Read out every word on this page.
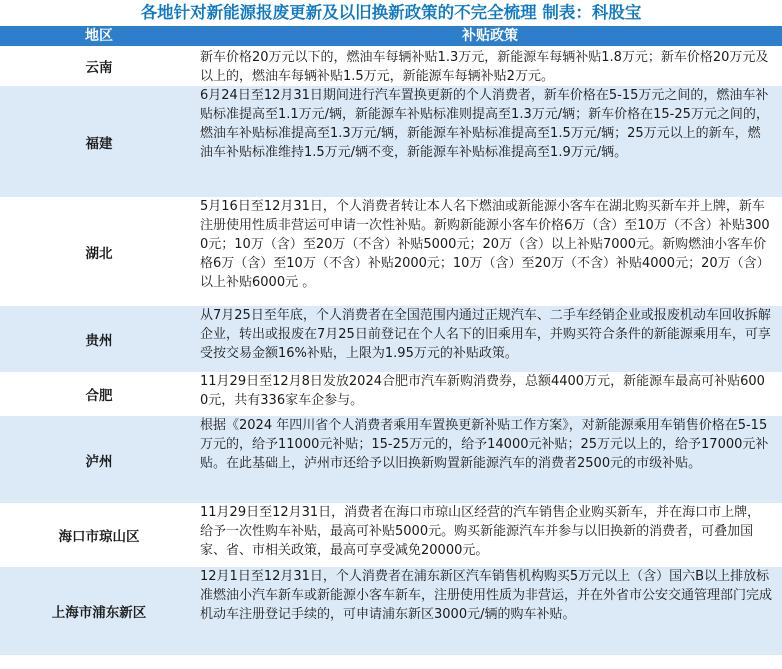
各地针对新能源报废更新及以旧换新政策的不完全梳理 制表：科股宝
地区	补贴政策
云南
新车价格20万元以下的，燃油车每辆补贴1.3万元，新能源车每辆补贴1.8万元；新车价格20万元及以上的，燃油车每辆补贴1.5万元，新能源车每辆补贴2万元。
福建
6月24日至12月31日期间进行汽车置换更新的个人消费者，新车价格在5-15万元之间的，燃油车补贴标准提高至1.1万元/辆，新能源车补贴标准则提高至1.3万元/辆；新车价格在15-25万元之间的，燃油车补贴标准提高至1.3万元/辆，新能源车补贴标准提高至1.5万元/辆；25万元以上的新车，燃油车补贴标准维持1.5万元/辆不变，新能源车补贴标准提高至1.9万元/辆。
湖北
5月16日至12月31日，个人消费者转让本人名下燃油或新能源小客车在湖北购买新车并上牌，新车注册使用性质非营运可申请一次性补贴。新购新能源小客车价格6万（含）至10万（不含）补贴3000元；10万（含）至20万（不含）补贴5000元；20万（含）以上补贴7000元。新购燃油小客车价格6万（含）至10万（不含）补贴2000元；10万（含）至20万（不含）补贴4000元；20万（含）以上补贴6000元 。
贵州
从7月25日至年底，个人消费者在全国范围内通过正规汽车、二手车经销企业或报废机动车回收拆解企业，转出或报废在7月25日前登记在个人名下的旧乘用车，并购买符合条件的新能源乘用车，可享受按交易金额16%补贴，上限为1.95万元的补贴政策。
合肥
11月29日至12月8日发放2024合肥市汽车新购消费券，总额4400万元，新能源车最高可补贴6000元，共有336家车企参与。
泸州
根据《2024 年四川省个人消费者乘用车置换更新补贴工作方案》，对新能源乘用车销售价格在5-15万元的，给予11000元补贴；15-25万元的，给予14000元补贴；25万元以上的，给予17000元补贴。在此基础上，泸州市还给予以旧换新购置新能源汽车的消费者2500元的市级补贴。
海口市琼山区
11月29日至12月31日，消费者在海口市琼山区经营的汽车销售企业购买新车，并在海口市上牌，给予一次性购车补贴，最高可补贴5000元。购买新能源汽车并参与以旧换新的消费者，可叠加国家、省、市相关政策，最高可享受减免20000元。
上海市浦东新区
12月1日至12月31日，个人消费者在浦东新区汽车销售机构购买5万元以上（含）国六B以上排放标准燃油小汽车新车或新能源小客车新车，注册使用性质为非营运，并在外省市公安交通管理部门完成机动车注册登记手续的，可申请浦东新区3000元/辆的购车补贴。
